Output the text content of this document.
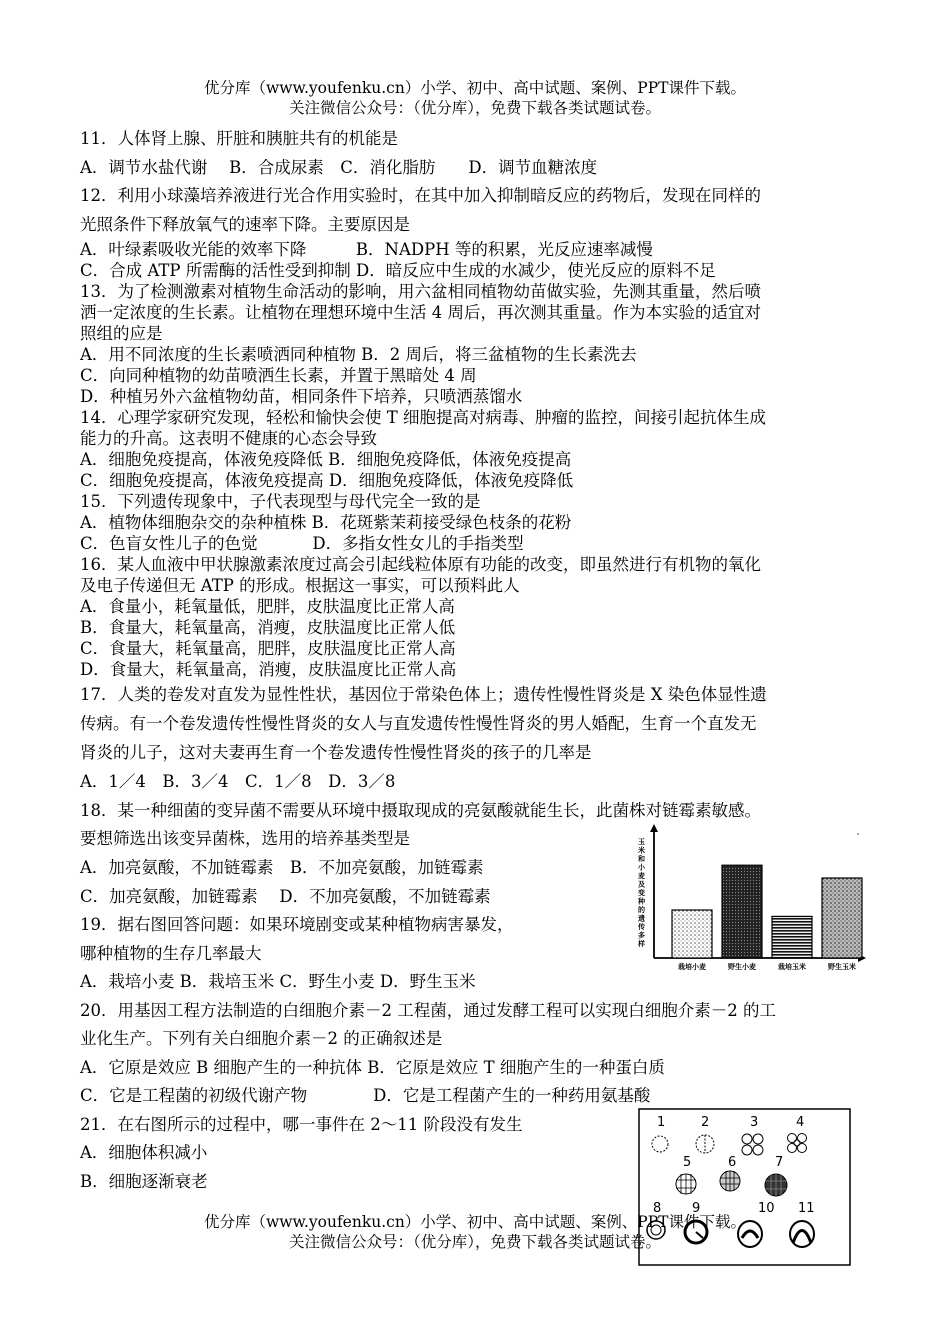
优分库（www.youfenku.cn）小学、初中、高中试题、案例、PPT课件下载。
关注微信公众号：（优分库），免费下载各类试题试卷。
11．人体肾上腺、肝脏和胰脏共有的机能是
A．调节水盐代谢　 B．合成尿素　C．消化脂肪　　D．调节血糖浓度
12．利用小球藻培养液进行光合作用实验时，在其中加入抑制暗反应的药物后，发现在同样的
光照条件下释放氧气的速率下降。主要原因是
A．叶绿素吸收光能的效率下降　　　B．NADPH 等的积累，光反应速率减慢
C．合成 ATP 所需酶的活性受到抑制 D．暗反应中生成的水减少，使光反应的原料不足
13．为了检测激素对植物生命活动的影响，用六盆相同植物幼苗做实验，先测其重量，然后喷
洒一定浓度的生长素。让植物在理想环境中生活 4 周后，再次测其重量。作为本实验的适宜对
照组的应是
A．用不同浓度的生长素喷洒同种植物 B．2 周后，将三盆植物的生长素洗去
C．向同种植物的幼苗喷洒生长素，并置于黑暗处 4 周
D．种植另外六盆植物幼苗，相同条件下培养，只喷洒蒸馏水
14．心理学家研究发现，轻松和愉快会使 T 细胞提高对病毒、肿瘤的监控，间接引起抗体生成
能力的升高。这表明不健康的心态会导致
A．细胞免疫提高，体液免疫降低 B．细胞免疫降低，体液免疫提高
C．细胞免疫提高，体液免疫提高 D．细胞免疫降低，体液免疫降低
15．下列遗传现象中，子代表现型与母代完全一致的是
A．植物体细胞杂交的杂种植株 B．花斑紫茉莉接受绿色枝条的花粉
C．色盲女性儿子的色觉　　　 D．多指女性女儿的手指类型
16．某人血液中甲状腺激素浓度过高会引起线粒体原有功能的改变，即虽然进行有机物的氧化
及电子传递但无 ATP 的形成。根据这一事实，可以预料此人
A．食量小，耗氧量低，肥胖，皮肤温度比正常人高
B．食量大，耗氧量高，消瘦，皮肤温度比正常人低
C．食量大，耗氧量高，肥胖，皮肤温度比正常人高
D．食量大，耗氧量高，消瘦，皮肤温度比正常人高
17．人类的卷发对直发为显性性状，基因位于常染色体上；遗传性慢性肾炎是 X 染色体显性遗
传病。有一个卷发遗传性慢性肾炎的女人与直发遗传性慢性肾炎的男人婚配，生育一个直发无
肾炎的儿子，这对夫妻再生育一个卷发遗传性慢性肾炎的孩子的几率是
A．1／4　B．3／4　C．1／8　D．3／8
18．某一种细菌的变异菌不需要从环境中摄取现成的亮氨酸就能生长，此菌株对链霉素敏感。
要想筛选出该变异菌株，选用的培养基类型是
A．加亮氨酸，不加链霉素　B．不加亮氨酸，加链霉素
C．加亮氨酸，加链霉素　 D．不加亮氨酸，不加链霉素
19．据右图回答问题：如果环境剧变或某种植物病害暴发，
哪种植物的生存几率最大
A．栽培小麦 B．栽培玉米 C．野生小麦 D．野生玉米
20．用基因工程方法制造的白细胞介素－2 工程菌，通过发酵工程可以实现白细胞介素－2 的工
业化生产。下列有关白细胞介素－2 的正确叙述是
A．它原是效应 B 细胞产生的一种抗体 B．它原是效应 T 细胞产生的一种蛋白质
C．它是工程菌的初级代谢产物　　　　D．它是工程菌产生的一种药用氨基酸
21．在右图所示的过程中，哪一事件在 2～11 阶段没有发生
A．细胞体积减小
B．细胞逐渐衰老
玉米和小麦及变种的遗传多样
栽培小麦	野生小麦	栽培玉米	野生玉米
1	2	3	4
5	6	7
8 9	10 11
优分库（www.youfenku.cn）小学、初中、高中试题、案例、PPT课件下载。
关注微信公众号：（优分库），免费下载各类试题试卷。
